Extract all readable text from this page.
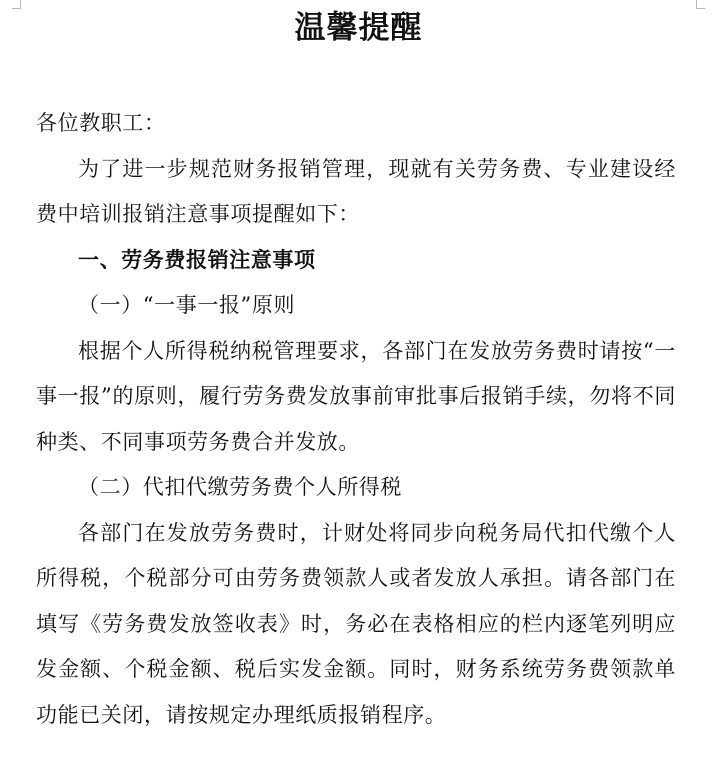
温馨提醒

各位教职工：

为了进一步规范财务报销管理，现就有关劳务费、专业建设经费中培训报销注意事项提醒如下：

一、劳务费报销注意事项

（一）“一事一报”原则

根据个人所得税纳税管理要求，各部门在发放劳务费时请按“一事一报”的原则，履行劳务费发放事前审批事后报销手续，勿将不同种类、不同事项劳务费合并发放。

（二）代扣代缴劳务费个人所得税

各部门在发放劳务费时，计财处将同步向税务局代扣代缴个人所得税，个税部分可由劳务费领款人或者发放人承担。请各部门在填写《劳务费发放签收表》时，务必在表格相应的栏内逐笔列明应发金额、个税金额、税后实发金额。同时，财务系统劳务费领款单功能已关闭，请按规定办理纸质报销程序。
